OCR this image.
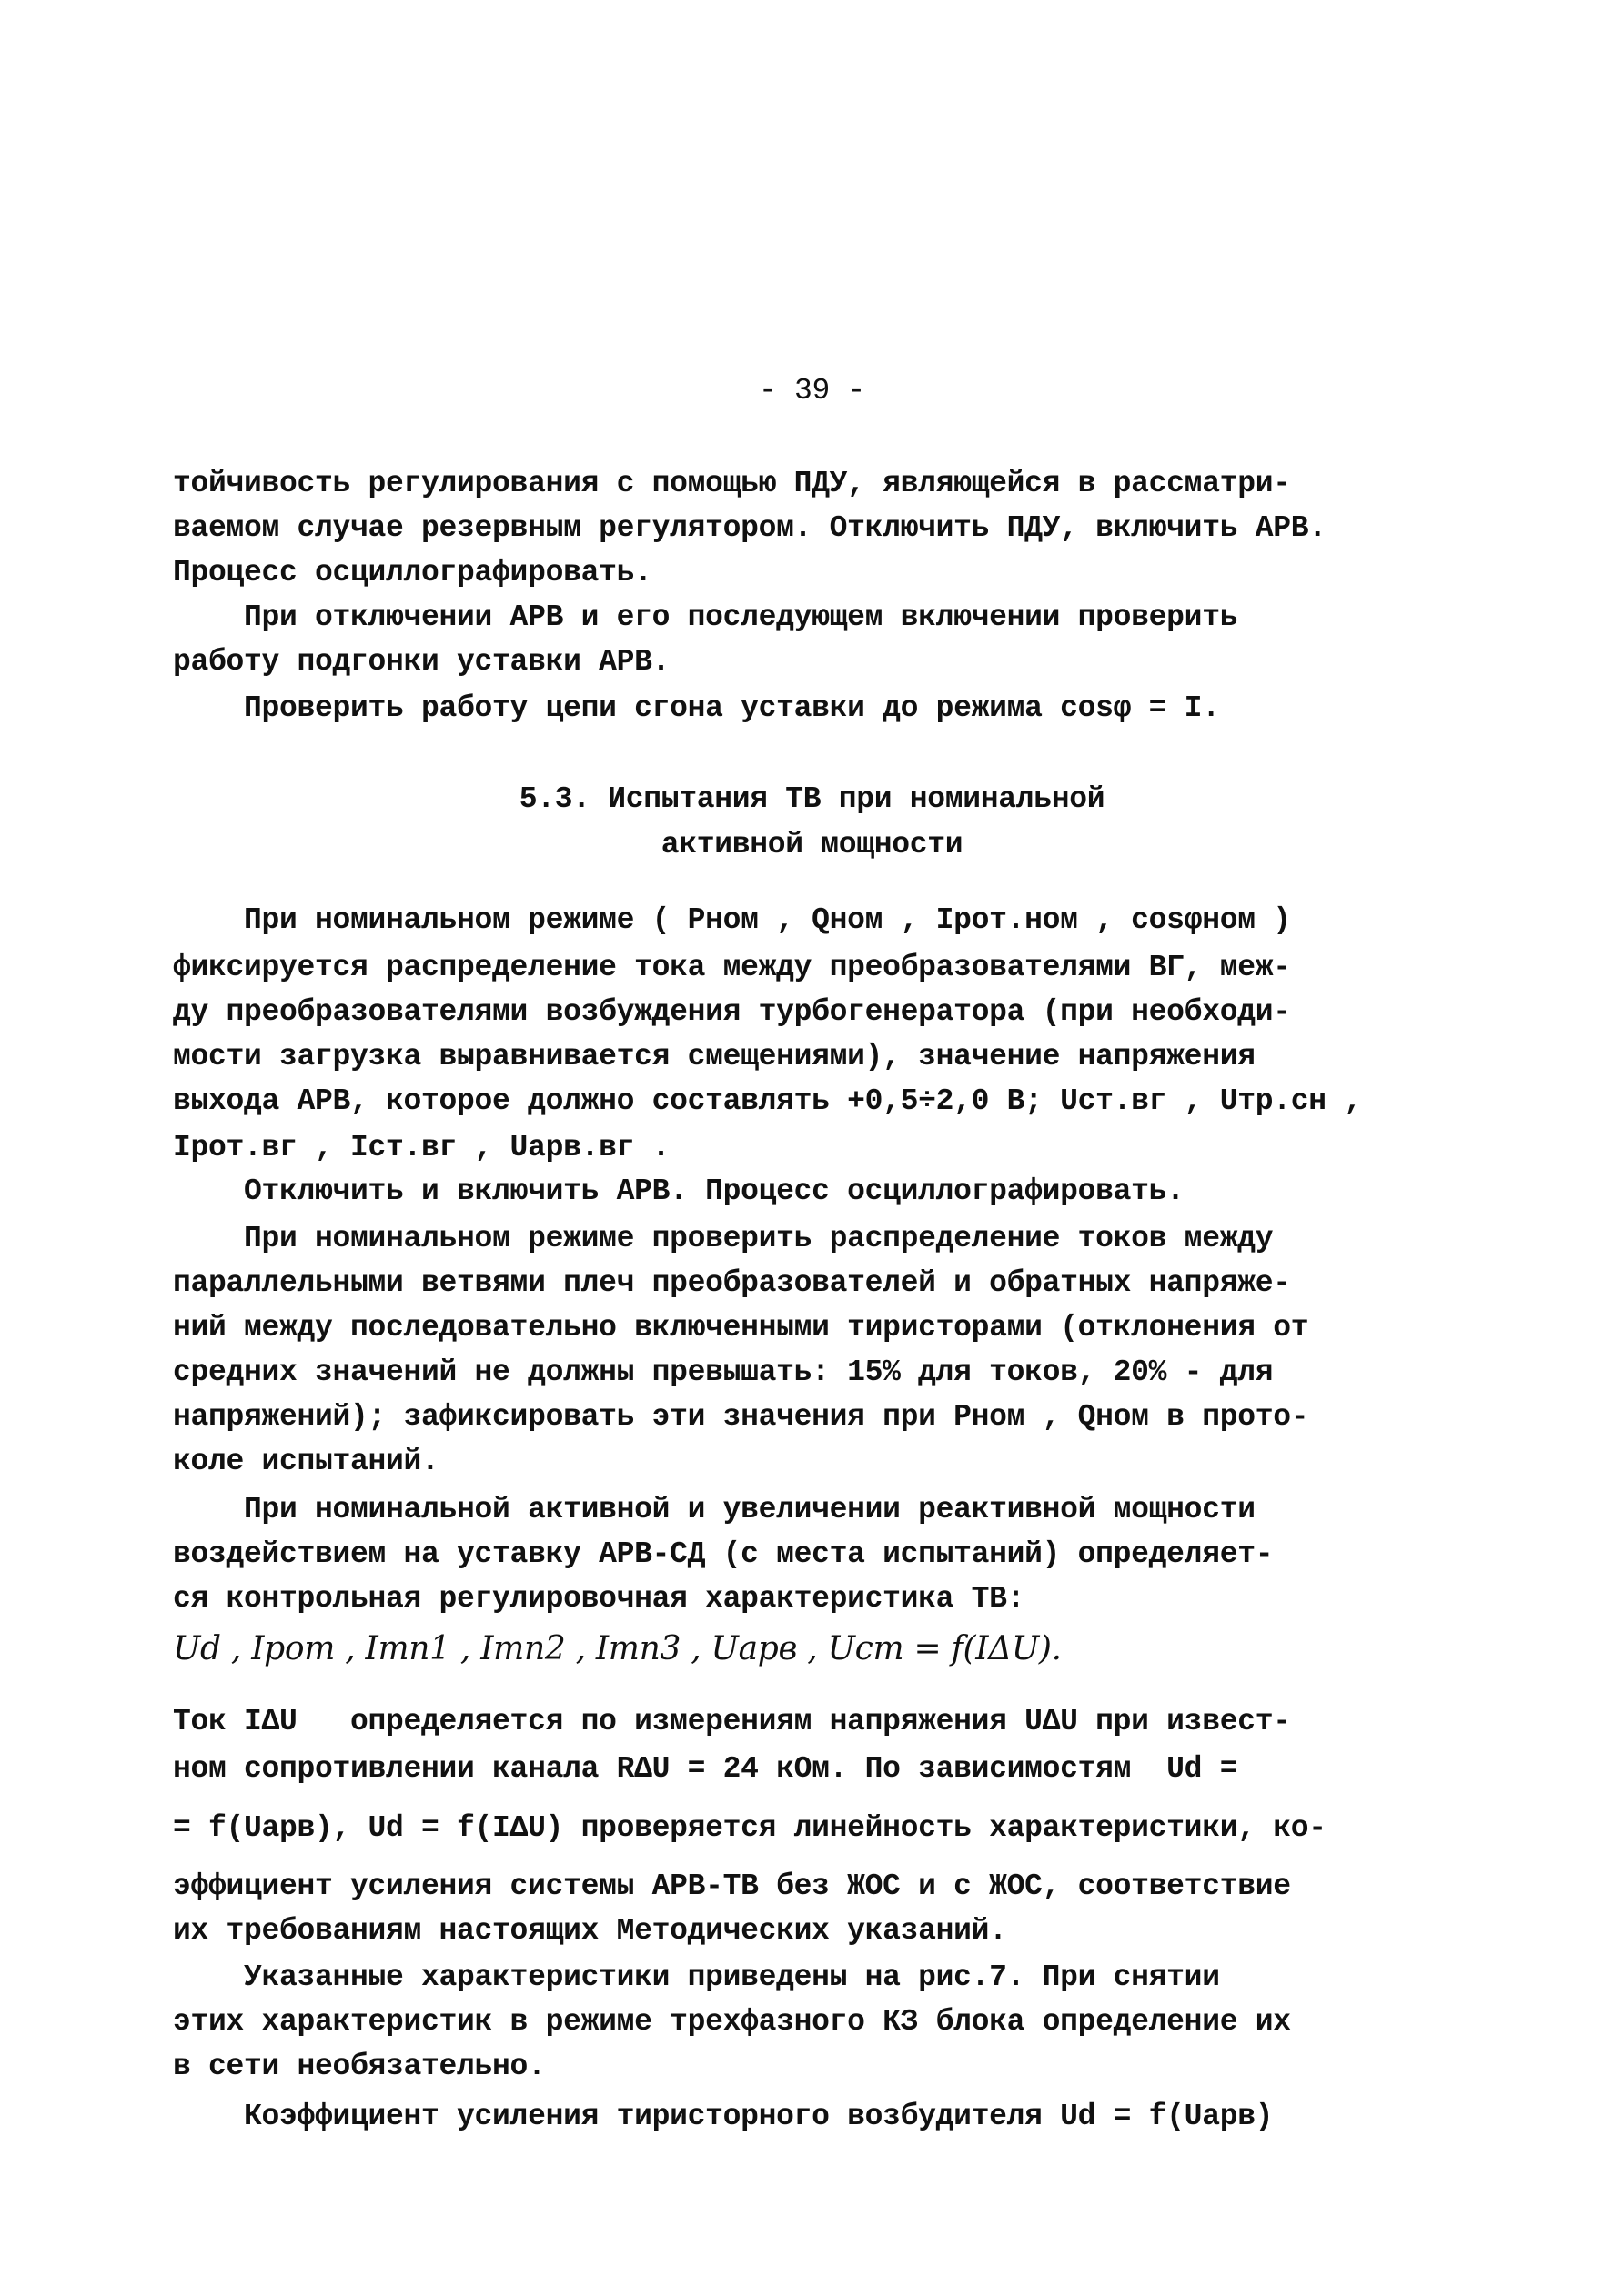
- 39 -
тойчивость регулирования с помощью ПДУ, являющейся в рассматри-
ваемом случае резервным регулятором. Отключить ПДУ, включить АРВ.
Процесс осциллографировать.
При отключении АРВ и его последующем включении проверить
работу подгонки уставки АРВ.
Проверить работу цепи сгона уставки до режима cosφ = I.
5.3. Испытания ТВ при номинальной
активной мощности
При номинальном режиме ( Pном , Qном , Iрот.ном , cosφном )
фиксируется распределение тока между преобразователями ВГ, меж-
ду преобразователями возбуждения турбогенератора (при необходи-
мости загрузка выравнивается смещениями), значение напряжения
выхода АРВ, которое должно составлять +0,5÷2,0 В; Uст.вг , Uтр.сн ,
Iрот.вг , Iст.вг , Uарв.вг .
Отключить и включить АРВ. Процесс осциллографировать.
При номинальном режиме проверить распределение токов между
параллельными ветвями плеч преобразователей и обратных напряже-
ний между последовательно включенными тиристорами (отклонения от
средних значений не должны превышать: 15% для токов, 20% - для
напряжений); зафиксировать эти значения при Pном , Qном в прото-
коле испытаний.
При номинальной активной и увеличении реактивной мощности
воздействием на уставку АРВ-СД (с места испытаний) определяет-
ся контрольная регулировочная характеристика ТВ:
Ud , Iрот , Iтп1 , Iтп2 , Iтп3 , Uарв , Uст = f(IΔU).
Ток IΔU   определяется по измерениям напряжения UΔU при извест-
ном сопротивлении канала RΔU = 24 кОм. По зависимостям  Ud =
= f(Uарв), Ud = f(IΔU) проверяется линейность характеристики, ко-
эффициент усиления системы АРВ-ТВ без ЖОС и с ЖОС, соответствие
их требованиям настоящих Методических указаний.
Указанные характеристики приведены на рис.7. При снятии
этих характеристик в режиме трехфазного КЗ блока определение их
в сети необязательно.
Коэффициент усиления тиристорного возбудителя Ud = f(Uарв)
